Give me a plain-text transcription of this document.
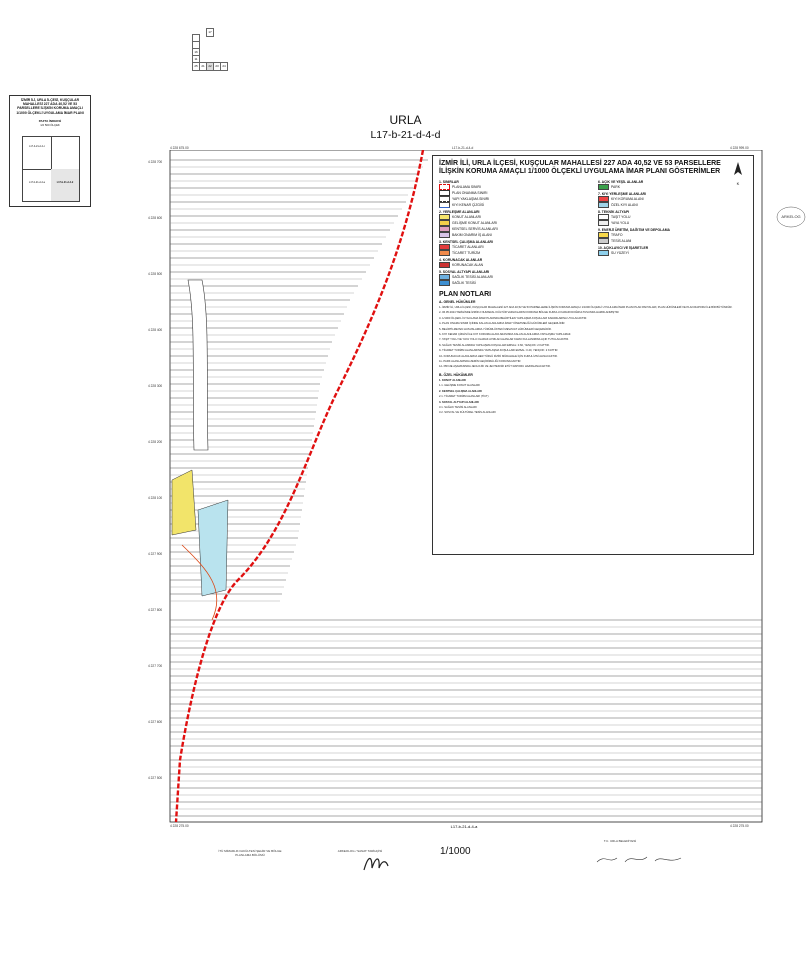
URLA
L17-b-21-d-4-d
16
11
21	22	23	24
25
17
İZMİR İLİ, URLA İLÇESİ, KUŞÇULAR MAHALLESİ 227 ADA 40,52 VE 53 PARSELLERE İLİŞKİN KORUMA AMAÇLI 1/1000 ÖLÇEKLİ UYGULAMA İMAR PLANI
PAFTA İNDEKSİ
1/2 500 ÖLÇEK
L17-b-21-d-4-c
L17-b-21-d-4-a	L17-b-21-d-4-d
L17-b-21-d-4-a
4 228 675.00	4 228 999.00
4 228 275.00	4 228 275.00
L17-b-21-d-4-d
4 228 700
4 228 600
4 228 500
4 228 400
4 228 300
4 228 200
4 228 100
4 227 900
4 227 800
4 227 700
4 227 600
4 227 500
İZMİR İLİ, URLA İLÇESİ, KUŞÇULAR MAHALLESİ 227 ADA 40,52 VE 53 PARSELLERE İLİŞKİN KORUMA AMAÇLI 1/1000 ÖLÇEKLİ UYGULAMA İMAR PLANI GÖSTERİMLER
K
1. SINIRLAR
PLANLAMA SINIRI
PLAN ONANMA SINIRI
YAPI YAKLAŞMA SINIRI
KIYI KENAR ÇİZGİSİ
2. YERLEŞME ALANLARI
KONUT ALANLARI
GELİŞME KONUT ALANLARI
KENTSEL SERVİS ALANLARI
BAKIM ONARIM İŞ ALANI
3. KENTSEL ÇALIŞMA ALANLARI
TİCARET ALANLARI
TİCARET TURİZM
4. KORUNACAK ALANLAR
KORUNACAK ALAN
5. SOSYAL ALTYAPI ALANLARI
SAĞLIK TESİSİ ALANLARI
SAĞLIK TESİSİ
6. AÇIK VE YEŞİL ALANLAR
PARK
7. KIYI YERLEŞME ALANLARI
KIYI KORUMA ALANI
ÖZEL KIYI ALANI
8. TEKNİK ALTYAPI
TAŞIT YOLU
YAYA YOLU
9. ENERJİ ÜRETİM, DAĞITIM VE DEPOLAMA
TRAFO
TESİS ALANI
10. AÇIKLAYICI VE İŞARETLER
SU YÜZEYİ
PLAN NOTLARI
A- GENEL HÜKÜMLER

1- İZMİR İLİ, URLA İLÇESİ, KUŞÇULAR MAHALLESİ 227 ADA 40,52 VE 53 PARSELLERE İLİŞKİN KORUMA AMAÇLI 1/1000 ÖLÇEKLİ UYGULAMA İMAR PLANI PLAN PAFTALARI, PLAN HÜKÜMLERİ VE PLAN RAPORU İLE BİR BÜTÜNDÜR.

2- 06.05.2024 TARİHİNDE İZMİR 2 NUMARALI KÜLTÜR VARLIKLARINI KORUMA BÖLGE KURULU KARARI DOĞRULTUSUNDA HAZIRLANMIŞTIR.

3- 1/1000 ÖLÇEKLİ UYGULAMA İMAR PLANINDA BELİRTİLEN YAPILAŞMA KOŞULLARI KARARLARINA UYULACAKTIR.

4- PLAN ONAMA SINIRI İÇİNDE KALAN ALANLARDA İMAR YÖNETMELİĞİ HÜKÜMLERİ GEÇERLİDİR.

5- BELİRTİLMEYEN HUSUSLARDA YÜRÜRLÜKTEKİ MEVZUAT HÜKÜMLERİ GEÇERLİDİR.

6- KIYI KENAR ÇİZGİSİ İLE KIYI KORUMA ALANI ARASINDA KALAN ALANLARDA YAPILAŞMA YAPILAMAZ.

7- TAŞIT YOLU VE YAYA YOLU OLARAK AYRILAN ALANLAR KAMU KULLANIMINA AÇIK TUTULACAKTIR.

8- SAĞLIK TESİSİ ALANINDA YAPILAŞMA KOŞULLARI EMSAL: 0.60, YENÇOK: 2 KATTIR.

9- TİCARET TURİZM ALANLARINDA YAPILAŞMA KOŞULLARI EMSAL: 0.40, YENÇOK: 2 KATTIR.

10- KORUNACAK ALANLARDA HER TÜRLÜ FİZİKİ MÜDAHALE İÇİN KURUL İZNİ ALINACAKTIR.

11- PARK ALANLARINDA ZEMİN GEÇİRİMLİLİĞİ KORUNACAKTIR.

12- PROJE AŞAMASINDA JEOLOJİK VE JEOTEKNİK ETÜT RAPORU HAZIRLANACAKTIR.

B- ÖZEL HÜKÜMLER

1. KONUT ALANLARI

1.1. GELİŞME KONUT ALANLARI

2. KENTSEL ÇALIŞMA ALANLARI

2.1. TİCARET TURİZM ALANLARI (TİCT)

3. SOSYAL ALTYAPI ALANLARI

3.1. SAĞLIK TESİSİ ALANLARI

3.2. SOSYAL VE KÜLTÜREL TESİS ALANLARI

ARKELOG
1/1000
İTÜ MİMARLIK FAKÜLTESİ ŞEHİR VE BÖLGE PLANLAMA BÖLÜMÜ
ARKEOLOG / SANAT TARİHÇİSİ
T.C. URLA BELEDİYESİ
